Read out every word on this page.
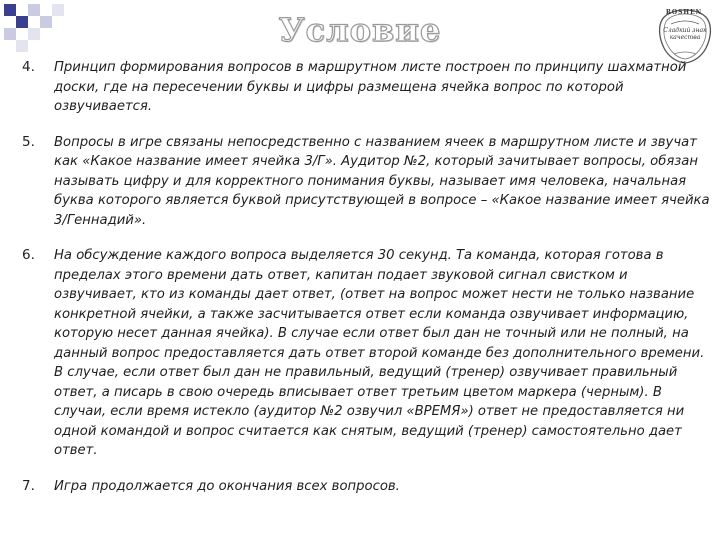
Условие	ROSHEN
Сладкий знак качества
4.	Принцип формирования вопросов в маршрутном листе построен по принципу шахматной доски, где на пересечении буквы и цифры размещена ячейка вопрос по которой озвучивается.
5.	Вопросы в игре связаны непосредственно с названием ячеек в маршрутном листе и звучат как «Какое название имеет ячейка 3/Г». Аудитор №2, который зачитывает вопросы, обязан называть цифру и для корректного понимания буквы, называет имя человека, начальная буква которого является буквой присутствующей в вопросе – «Какое название имеет ячейка 3/Геннадий».
6.	На обсуждение каждого вопроса выделяется 30 секунд. Та команда, которая готова в пределах этого времени дать ответ, капитан подает звуковой сигнал свистком и озвучивает, кто из команды дает ответ, (ответ на вопрос может нести не только название конкретной ячейки, а также засчитывается ответ если команда озвучивает информацию, которую несет данная ячейка). В случае если ответ был дан не точный или не полный, на данный вопрос предоставляется дать ответ второй команде без дополнительного времени. В случае, если ответ был дан не правильный, ведущий (тренер) озвучивает правильный ответ, а писарь в свою очередь вписывает ответ третьим цветом маркера (черным). В случаи, если время истекло (аудитор №2 озвучил «ВРЕМЯ») ответ не предоставляется ни одной командой и вопрос считается как снятым, ведущий (тренер) самостоятельно дает ответ.
7.	Игра продолжается до окончания всех вопросов.
